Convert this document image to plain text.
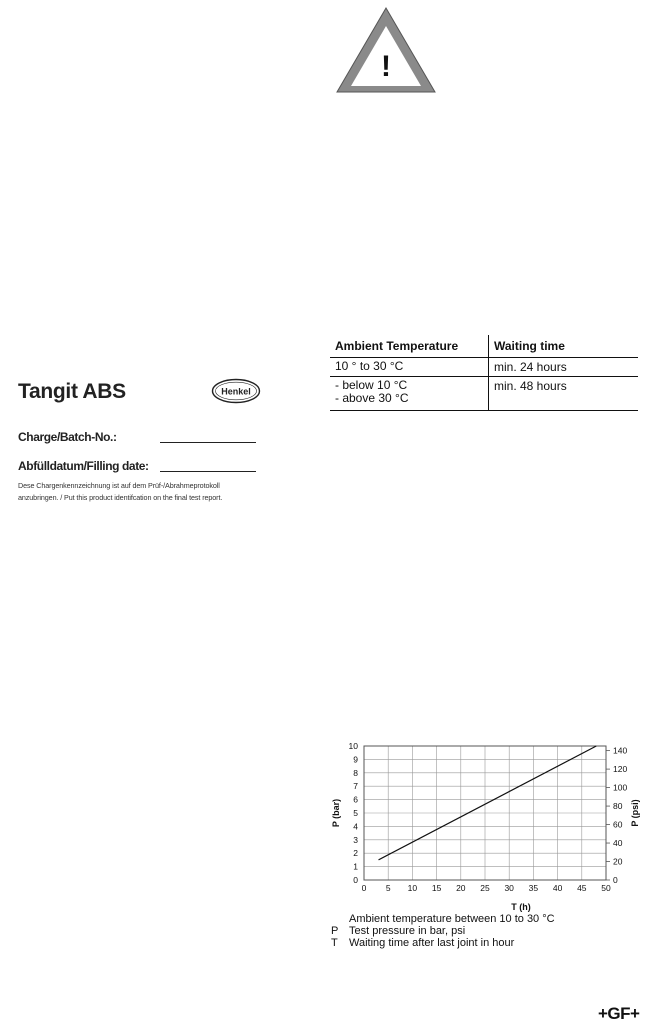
!
Ambient Temperature	Waiting time

10 ° to 30 °C	min. 24 hours

- below 10 °C
- above 30 °C	min. 48 hours
Tangit ABS	Henkel
Charge/Batch-No.:
Abfülldatum/Filling date:
Dese Chargenkennzeichnung ist auf dem Prüf-/Abrahmeprotokoll
anzubringen. / Put this product identifcation on the final test report.
0 5 10 15 20 25 30 35 40 45 50
0
1
2
3
4
5
6
7
8
9
10
0
20
40
60
80
100
120
140
P (bar)	P (psi)
T (h)
Ambient temperature between 10 to 30 °C
P Test pressure in bar, psi
T	Waiting time after last joint in hour
+GF+
